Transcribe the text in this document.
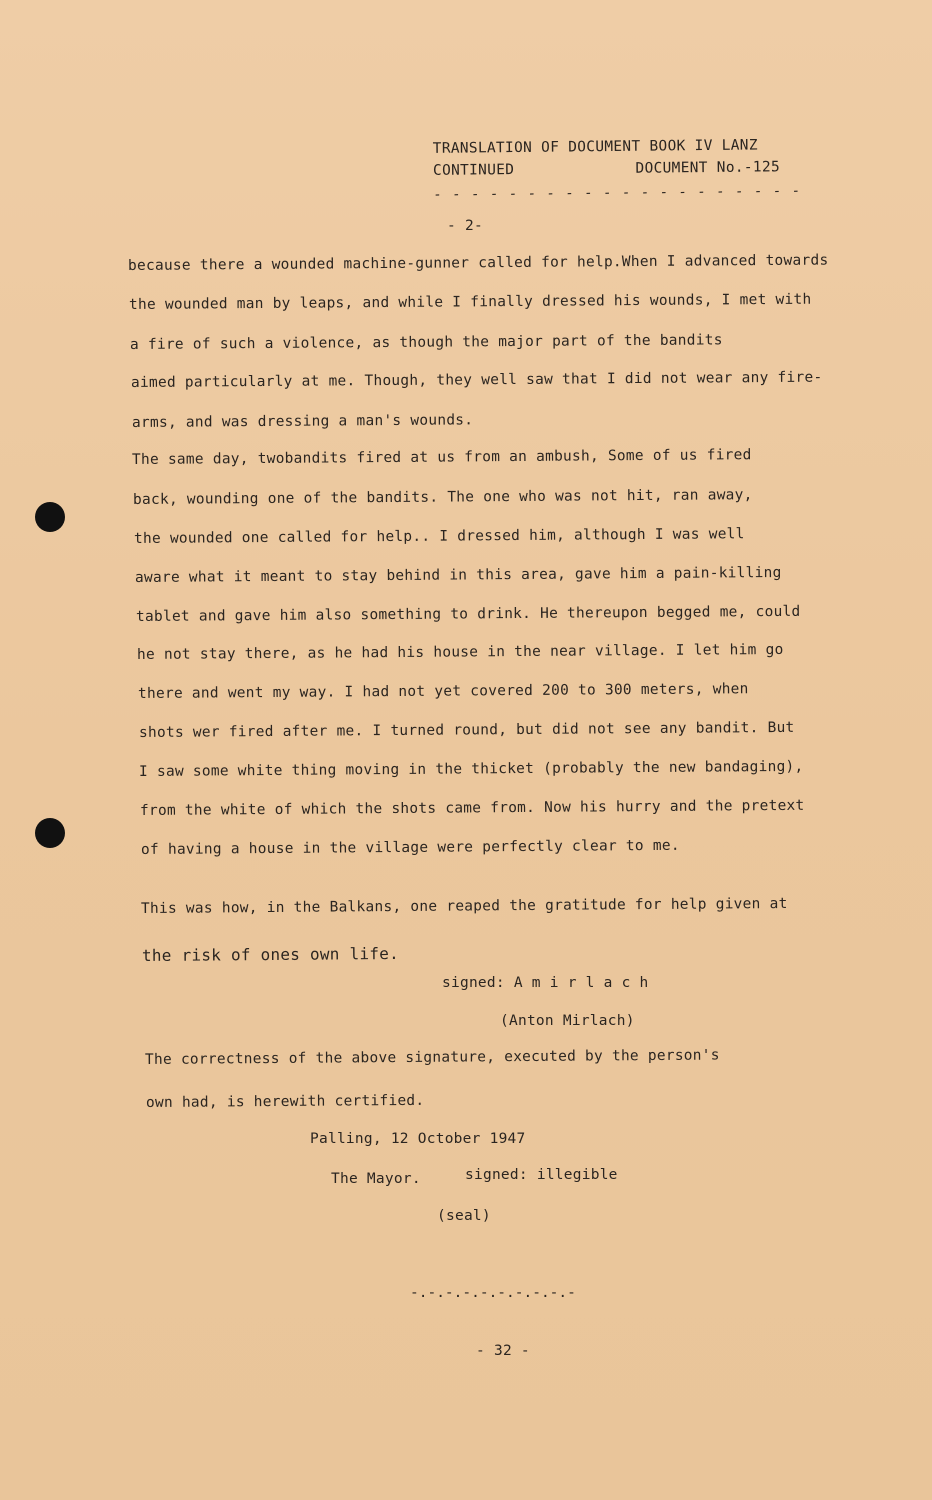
TRANSLATION OF DOCUMENT BOOK IV LANZ
CONTINUED	DOCUMENT No.-125
- - - - - - - - - - - - - - - - - - - -
- 2-
because there a wounded machine-gunner called for help.When I advanced towards
the wounded man by leaps, and while I finally dressed his wounds, I met with
a fire of such a violence, as though the major part of the bandits
aimed particularly at me. Though, they well saw that I did not wear any fire-
arms, and was dressing a man's wounds.
The same day, twobandits fired at us from an ambush, Some of us fired
back, wounding one of the bandits. The one who was not hit, ran away,
the wounded one called for help.. I dressed him, although I was well
aware what it meant to stay behind in this area, gave him a pain-killing
tablet and gave him also something to drink. He thereupon begged me, could
he not stay there, as he had his house in the near village. I let him go
there and went my way. I had not yet covered 200 to 300 meters, when
shots wer fired after me. I turned round, but did not see any bandit. But
I saw some white thing moving in the thicket (probably the new bandaging),
from the white of which the shots came from. Now his hurry and the pretext
of having a house in the village were perfectly clear to me.
This was how, in the Balkans, one reaped the gratitude for help given at
the risk of ones own life.
signed: A m i r l a c h
(Anton Mirlach)
The correctness of the above signature, executed by the person's
own had, is herewith certified.
Palling, 12 October 1947
The Mayor.	signed: illegible
(seal)
-.-.-.-.-.-.-.-.-.-
- 32 -
